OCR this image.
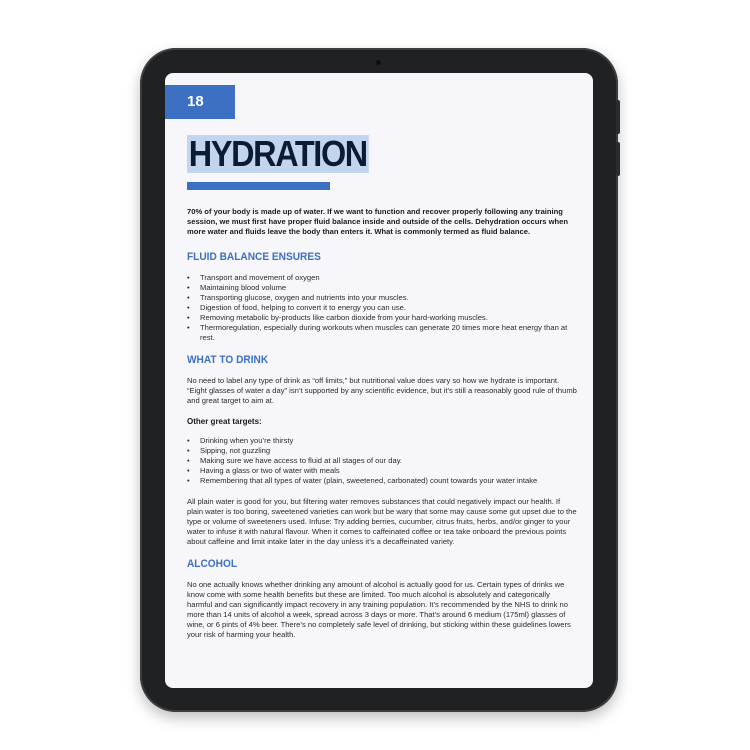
18
HYDRATION

70% of your body is made up of water. If we want to function and recover properly following any training session, we must first have proper fluid balance inside and outside of the cells. Dehydration occurs when more water and fluids leave the body than enters it. What is commonly termed as fluid balance.

FLUID BALANCE ENSURES
• Transport and movement of oxygen
• Maintaining blood volume
• Transporting glucose, oxygen and nutrients into your muscles.
• Digestion of food, helping to convert it to energy you can use.
• Removing metabolic by-products like carbon dioxide from your hard-working muscles.
• Thermoregulation, especially during workouts when muscles can generate 20 times more heat energy than at rest.
WHAT TO DRINK

No need to label any type of drink as “off limits,” but nutritional value does vary so how we hydrate is important. “Eight glasses of water a day” isn’t supported by any scientific evidence, but it’s still a reasonably good rule of thumb and great target to aim at.

Other great targets:
• Drinking when you’re thirsty
• Sipping, not guzzling
• Making sure we have access to fluid at all stages of our day.
• Having a glass or two of water with meals
• Remembering that all types of water (plain, sweetened, carbonated) count towards your water intake

All plain water is good for you, but filtering water removes substances that could negatively impact our health. If plain water is too boring, sweetened varieties can work but be wary that some may cause some gut upset due to the type or volume of sweeteners used. Infuse: Try adding berries, cucumber, citrus fruits, herbs, and/or ginger to your water to infuse it with natural flavour. When it comes to caffeinated coffee or tea take onboard the previous points about caffeine and limit intake later in the day unless it’s a decaffeinated variety.

ALCOHOL

No one actually knows whether drinking any amount of alcohol is actually good for us. Certain types of drinks we know come with some health benefits but these are limited. Too much alcohol is absolutely and categorically harmful and can significantly impact recovery in any training population. It’s recommended by the NHS to drink no more than 14 units of alcohol a week, spread across 3 days or more. That’s around 6 medium (175ml) glasses of wine, or 6 pints of 4% beer. There’s no completely safe level of drinking, but sticking within these guidelines lowers your risk of harming your health.
